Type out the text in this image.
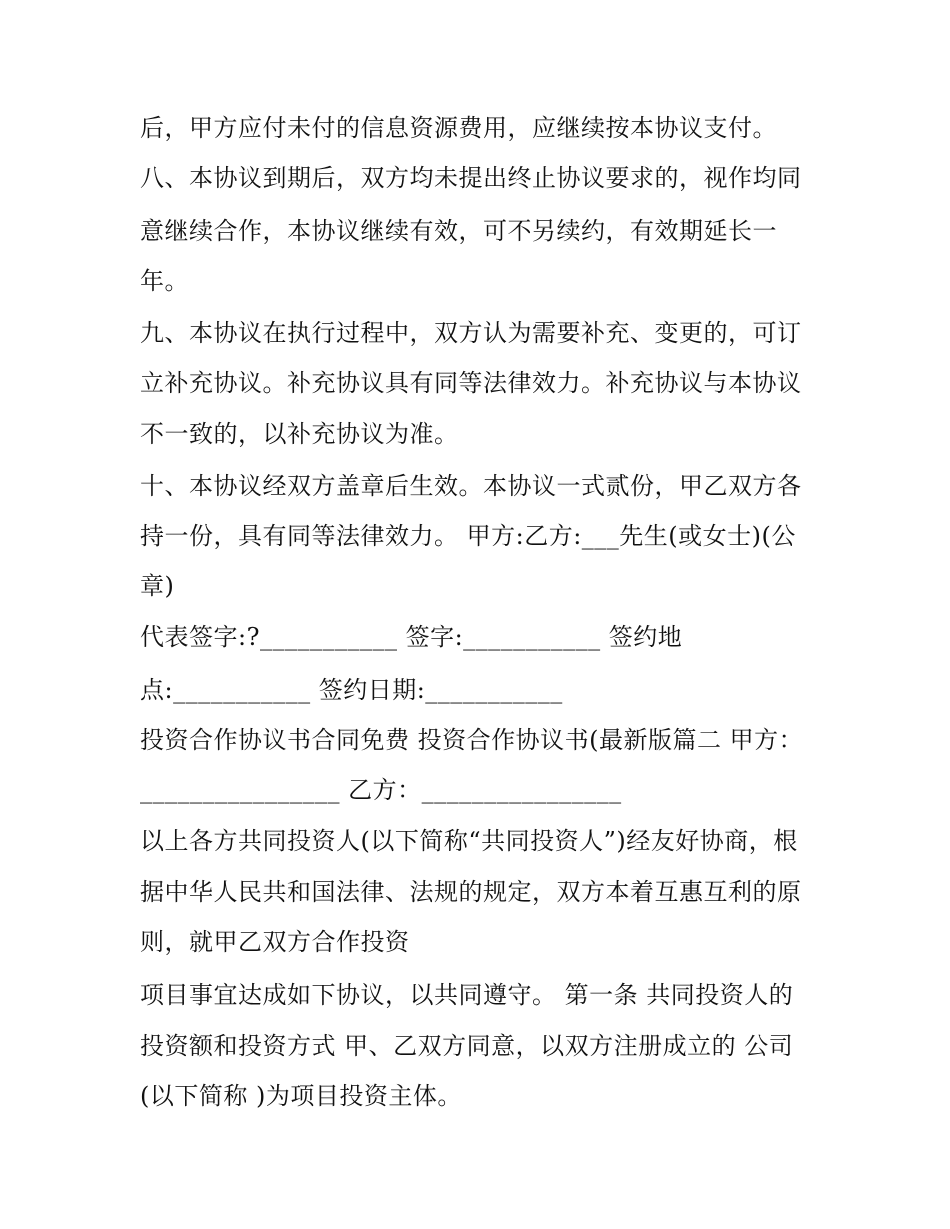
后，甲方应付未付的信息资源费用，应继续按本协议支付。
八、本协议到期后，双方均未提出终止协议要求的，视作均同
意继续合作，本协议继续有效，可不另续约，有效期延长一
年。
九、本协议在执行过程中，双方认为需要补充、变更的，可订
立补充协议。补充协议具有同等法律效力。补充协议与本协议
不一致的，以补充协议为准。
十、本协议经双方盖章后生效。本协议一式贰份，甲乙双方各
持一份，具有同等法律效力。 甲方:乙方:___先生(或女士)(公
章)
代表签字:?___________ 签字:___________ 签约地
点:___________ 签约日期:___________
投资合作协议书合同免费 投资合作协议书(最新版篇二 甲方：
________________ 乙方：________________
以上各方共同投资人(以下简称“共同投资人”)经友好协商，根
据中华人民共和国法律、法规的规定，双方本着互惠互利的原
则，就甲乙双方合作投资
项目事宜达成如下协议，以共同遵守。 第一条 共同投资人的
投资额和投资方式 甲、乙双方同意，以双方注册成立的 公司
(以下简称 )为项目投资主体。
